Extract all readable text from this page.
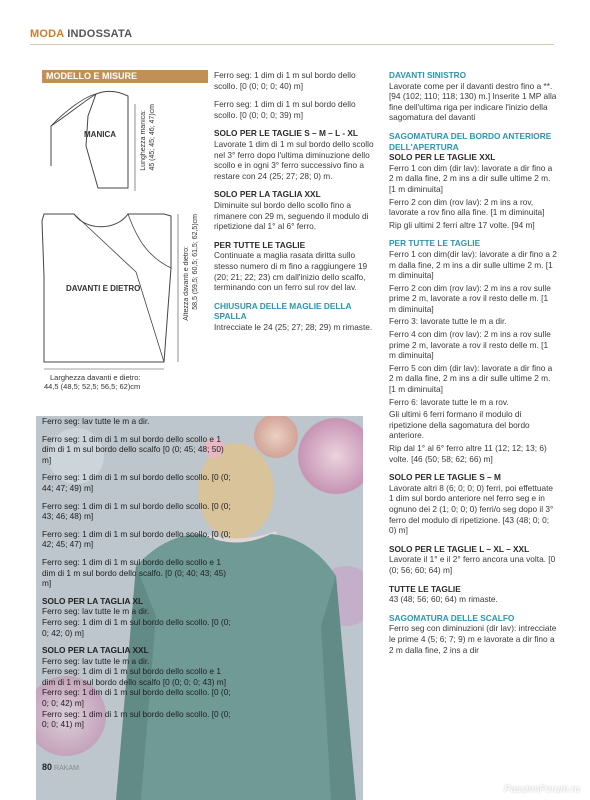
MODA INDOSSATA
MODELLO E MISURE
MANICA	Lunghezza manica: 45 (45; 45; 46; 47)cm
DAVANTI E DIETRO	Altezza davanti e dietro: 58,5 (59,5; 60,5; 61,5; 62,5)cm
Larghezza davanti e dietro:
44,5 (48,5; 52,5; 56,5; 62)cm

Ferro seg: 1 dim di 1 m sul bordo dello scollo. [0 (0; 0; 0; 40) m]

Ferro seg: 1 dim di 1 m sul bordo dello scollo. [0 (0; 0; 0; 39) m]

SOLO PER LE TAGLIE S – M – L - XL

Lavorate 1 dim di 1 m sul bordo dello scollo nel 3° ferro dopo l'ultima diminuzione dello scollo e in ogni 3° ferro successivo fino a restare con 24 (25; 27; 28; 0) m.

SOLO PER LA TAGLIA XXL

Diminuite sul bordo dello scollo fino a rimanere con 29 m, seguendo il modulo di ripetizione dal 1° al 6° ferro.

PER TUTTE LE TAGLIE

Continuate a maglia rasata diritta sullo stesso numero di m fino a raggiungere 19 (20; 21; 22; 23) cm dall'inizio dello scalfo, terminando con un ferro sul rov del lav.

CHIUSURA DELLE MAGLIE DELLA SPALLA

Intrecciate le 24 (25; 27; 28; 29) m rimaste.

DAVANTI SINISTRO

Lavorate come per il davanti destro fino a **. [94 (102; 110; 118; 130) m.] Inserite 1 MP alla fine dell'ultima riga per indicare l'inizio della sagomatura del davanti

SAGOMATURA DEL BORDO ANTERIORE DELL'APERTURA
SOLO PER LE TAGLIE XXL

Ferro 1 con dim (dir lav): lavorate a dir fino a 2 m dalla fine, 2 m ins a dir sulle ultime 2 m. [1 m diminuita]

Ferro 2 con dim (rov lav): 2 m ins a rov, lavorate a rov fino alla fine. [1 m diminuita]

Rip gli ultimi 2 ferri altre 17 volte. [94 m]

PER TUTTE LE TAGLIE

Ferro 1 con dim(dir lav): lavorate a dir fino a 2 m dalla fine, 2 m ins a dir sulle ultime 2 m. [1 m diminuita]

Ferro 2 con dim (rov lav): 2 m ins a rov sulle prime 2 m, lavorate a rov il resto delle m. [1 m diminuita]

Ferro 3: lavorate tutte le m a dir.

Ferro 4 con dim (rov lav): 2 m ins a rov sulle prime 2 m, lavorate a rov il resto delle m. [1 m diminuita]

Ferro 5 con dim (dir lav): lavorate a dir fino a 2 m dalla fine, 2 m ins a dir sulle ultime 2 m. [1 m diminuita]

Ferro 6: lavorate tutte le m a rov.

Gli ultimi 6 ferri formano il modulo di ripetizione della sagomatura del bordo anteriore.

Rip dal 1° al 6° ferro altre 11 (12; 12; 13; 6) volte. [46 (50; 58; 62; 66) m]

SOLO PER LE TAGLIE S – M

Lavorate altri 8 (6; 0; 0; 0) ferri, poi effettuate 1 dim sul bordo anteriore nel ferro seg e in ognuno dei 2 (1; 0; 0; 0) ferri/o seg dopo il 3° ferro del modulo di ripetizione. [43 (48; 0; 0; 0) m]

SOLO PER LE TAGLIE L – XL – XXL

Lavorate il 1° e il 2° ferro ancora una volta. [0 (0; 56; 60; 64) m]

TUTTE LE TAGLIE

43 (48; 56; 60; 64) m rimaste.

SAGOMATURA DELLE SCALFO

Ferro seg con diminuzioni (dir lav): intrecciate le prime 4 (5; 6; 7; 9) m e lavorate a dir fino a 2 m dalla fine, 2 ins a dir

Ferro seg: lav tutte le m a dir.

Ferro seg: 1 dim di 1 m sul bordo dello scollo e 1 dim di 1 m sul bordo dello scalfo [0 (0; 45; 48; 50) m]

Ferro seg: 1 dim di 1 m sul bordo dello scollo. [0 (0; 44; 47; 49) m]

Ferro seg: 1 dim di 1 m sul bordo dello scollo. [0 (0; 43; 46; 48) m]

Ferro seg: 1 dim di 1 m sul bordo dello scollo. [0 (0; 42; 45; 47) m]

Ferro seg: 1 dim di 1 m sul bordo dello scollo e 1 dim di 1 m sul bordo dello scalfo. [0 (0; 40; 43; 45) m]

SOLO PER LA TAGLIA XL

Ferro seg: lav tutte le m a dir.

Ferro seg: 1 dim di 1 m sul bordo dello scollo. [0 (0; 0; 42; 0) m]

SOLO PER LA TAGLIA XXL

Ferro seg: lav tutte le m a dir.

Ferro seg: 1 dim di 1 m sul bordo dello scollo e 1 dim di 1 m sul bordo dello scalfo [0 (0; 0; 0; 43) m]

Ferro seg: 1 dim di 1 m sul bordo dello scollo. [0 (0; 0; 0; 42) m]

Ferro seg: 1 dim di 1 m sul bordo dello scollo. [0 (0; 0; 0; 41) m]

80 RAKAM
PassionForum.ru
